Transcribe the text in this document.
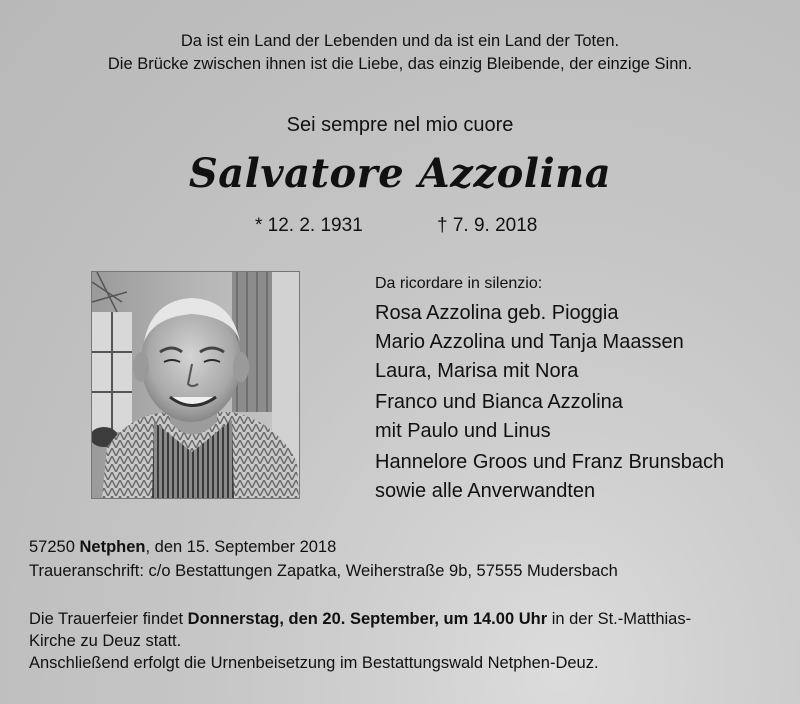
Da ist ein Land der Lebenden und da ist ein Land der Toten.
Die Brücke zwischen ihnen ist die Liebe, das einzig Bleibende, der einzige Sinn.
Sei sempre nel mio cuore
Salvatore Azzolina
* 12. 2. 1931	† 7. 9. 2018
Da ricordare in silenzio:
Rosa Azzolina geb. Pioggia
Mario Azzolina und Tanja Maassen
Laura, Marisa mit Nora
Franco und Bianca Azzolina
mit Paulo und Linus
Hannelore Groos und Franz Brunsbach
sowie alle Anverwandten
57250 Netphen, den 15. September 2018
Traueranschrift: c/o Bestattungen Zapatka, Weiherstraße 9b, 57555 Mudersbach
Die Trauerfeier findet Donnerstag, den 20. September, um 14.00 Uhr in der St.-Matthias-
Kirche zu Deuz statt.
Anschließend erfolgt die Urnenbeisetzung im Bestattungswald Netphen-Deuz.
